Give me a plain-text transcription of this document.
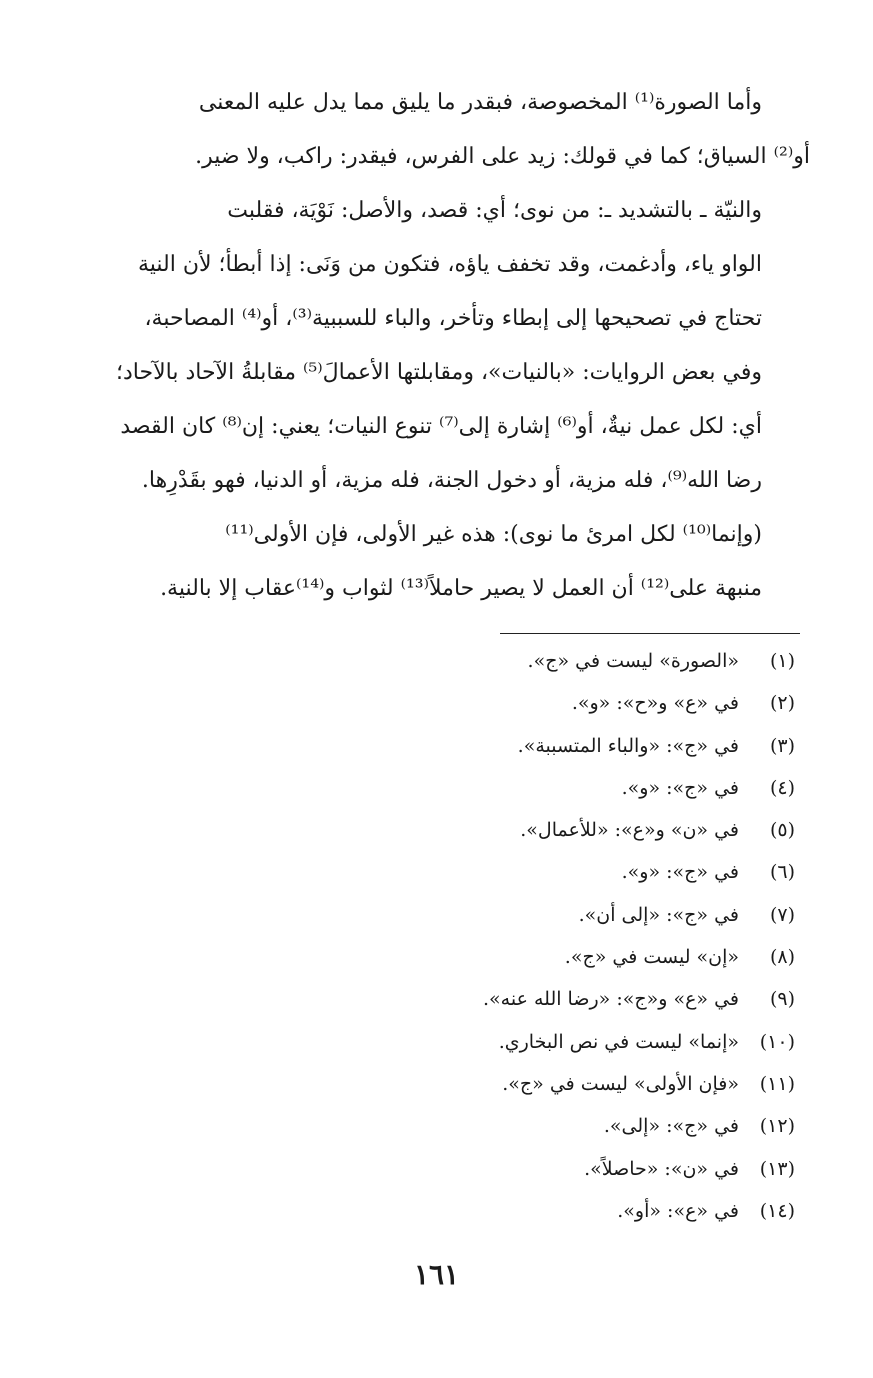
وأما الصورة⁽¹⁾ المخصوصة، فبقدر ما يليق مما يدل عليه المعنى
أو⁽²⁾ السياق؛ كما في قولك: زيد على الفرس، فيقدر: راكب، ولا ضير.

والنيّة ـ بالتشديد ـ: من نوى؛ أي: قصد، والأصل: نَوْيَة، فقلبت
الواو ياء، وأدغمت، وقد تخفف ياؤه، فتكون من وَنَى: إذا أبطأ؛ لأن النية
تحتاج في تصحيحها إلى إبطاء وتأخر، والباء للسببية⁽³⁾، أو⁽⁴⁾ المصاحبة،
وفي بعض الروايات: «بالنيات»، ومقابلتها الأعمالَ⁽⁵⁾ مقابلةُ الآحاد بالآحاد؛
أي: لكل عمل نيةٌ، أو⁽⁶⁾ إشارة إلى⁽⁷⁾ تنوع النيات؛ يعني: إن⁽⁸⁾ كان القصد
رضا الله⁽⁹⁾، فله مزية، أو دخول الجنة، فله مزية، أو الدنيا، فهو بقَدْرِها.

(وإنما⁽¹⁰⁾ لكل امرئ ما نوى): هذه غير الأولى، فإن الأولى⁽¹¹⁾
منبهة على⁽¹²⁾ أن العمل لا يصير حاملاً⁽¹³⁾ لثواب و⁽¹⁴⁾عقاب إلا بالنية.

(١)
«الصورة» ليست في «ج».
(٢)
في «ع» و«ح»: «و».
(٣)
في «ج»: «والباء المتسببة».
(٤)
في «ج»: «و».
(٥)
في «ن» و«ع»: «للأعمال».
(٦)
في «ج»: «و».
(٧)
في «ج»: «إلى أن».
(٨)
«إن» ليست في «ج».
(٩)
في «ع» و«ج»: «رضا الله عنه».
(١٠)
«إنما» ليست في نص البخاري.
(١١)
«فإن الأولى» ليست في «ج».
(١٢)
في «ج»: «إلى».
(١٣)
في «ن»: «حاصلاً».
(١٤)
في «ع»: «أو».
١٦١
